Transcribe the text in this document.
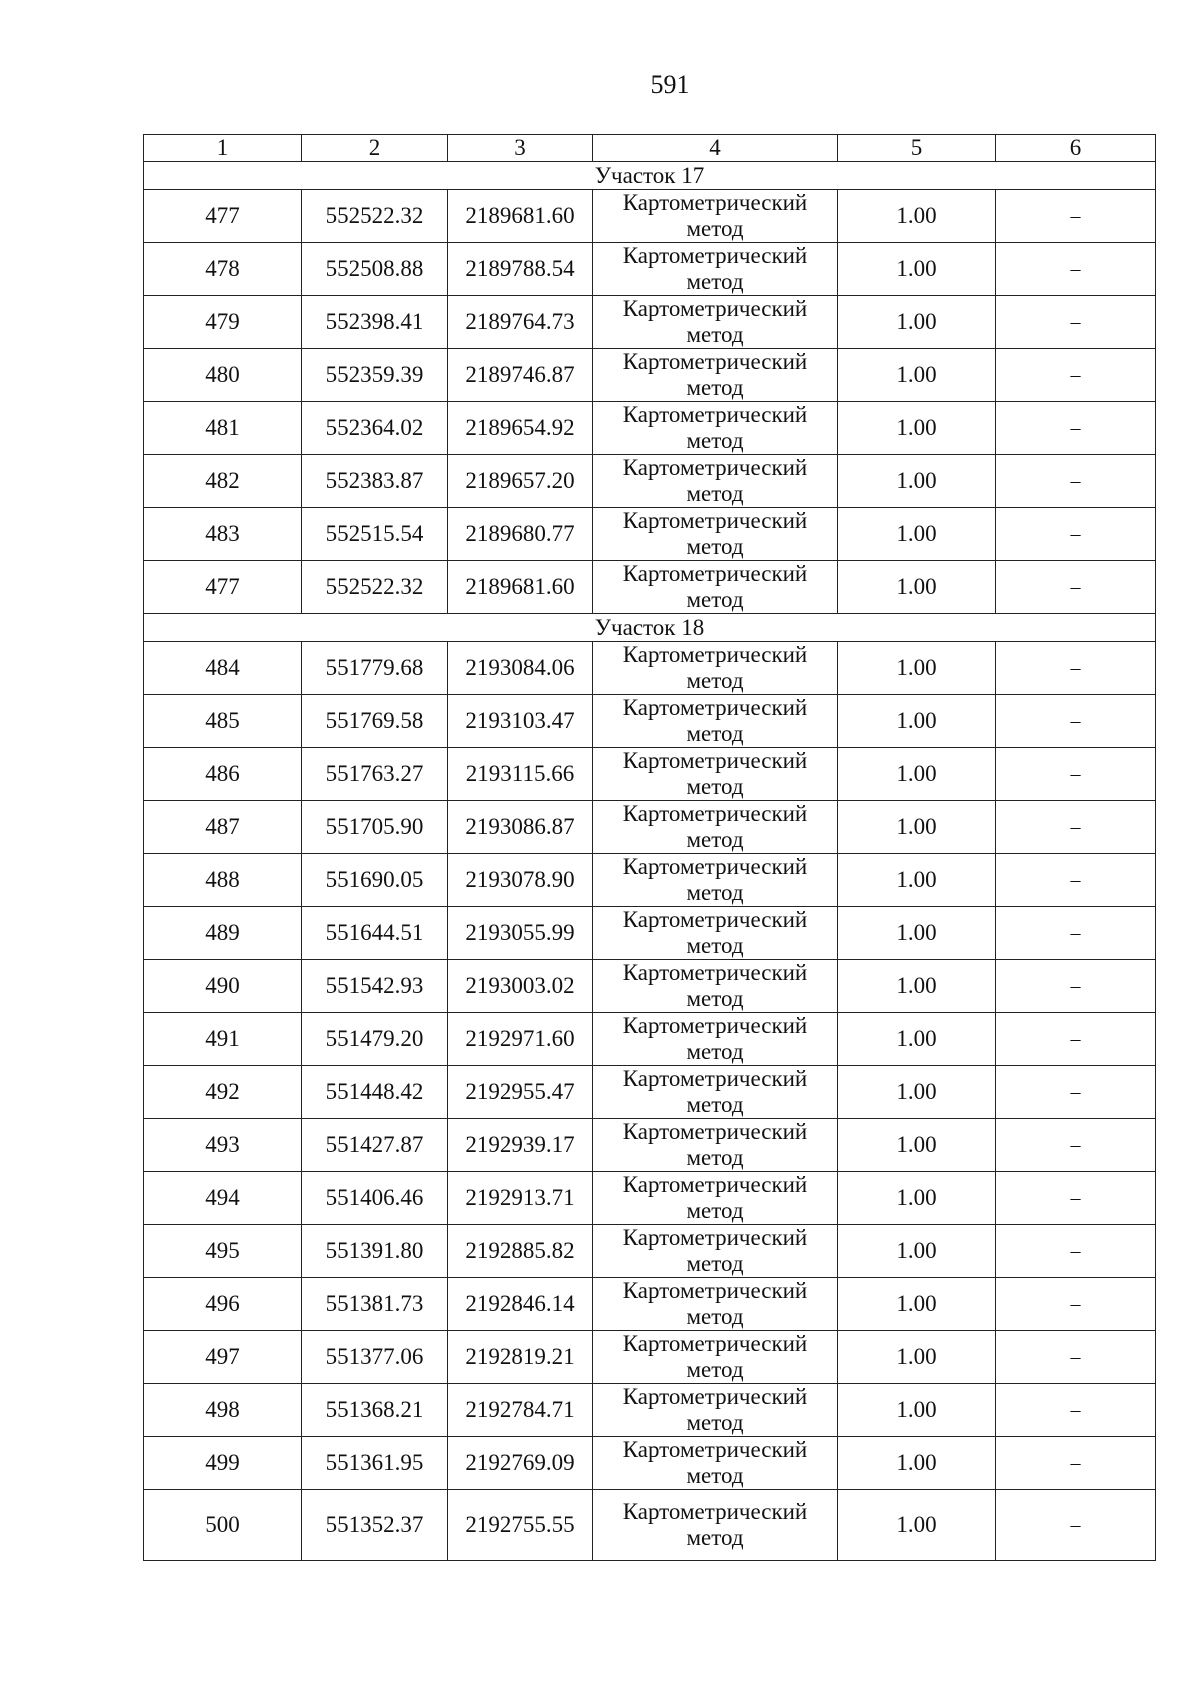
591
1	2	3	4	5	6
Участок 17					
477	552522.32	2189681.60	Картометрический метод	1.00	–
478	552508.88	2189788.54	Картометрический метод	1.00	–
479	552398.41	2189764.73	Картометрический метод	1.00	–
480	552359.39	2189746.87	Картометрический метод	1.00	–
481	552364.02	2189654.92	Картометрический метод	1.00	–
482	552383.87	2189657.20	Картометрический метод	1.00	–
483	552515.54	2189680.77	Картометрический метод	1.00	–
477	552522.32	2189681.60	Картометрический метод	1.00	–
Участок 18					
484	551779.68	2193084.06	Картометрический метод	1.00	–
485	551769.58	2193103.47	Картометрический метод	1.00	–
486	551763.27	2193115.66	Картометрический метод	1.00	–
487	551705.90	2193086.87	Картометрический метод	1.00	–
488	551690.05	2193078.90	Картометрический метод	1.00	–
489	551644.51	2193055.99	Картометрический метод	1.00	–
490	551542.93	2193003.02	Картометрический метод	1.00	–
491	551479.20	2192971.60	Картометрический метод	1.00	–
492	551448.42	2192955.47	Картометрический метод	1.00	–
493	551427.87	2192939.17	Картометрический метод	1.00	–
494	551406.46	2192913.71	Картометрический метод	1.00	–
495	551391.80	2192885.82	Картометрический метод	1.00	–
496	551381.73	2192846.14	Картометрический метод	1.00	–
497	551377.06	2192819.21	Картометрический метод	1.00	–
498	551368.21	2192784.71	Картометрический метод	1.00	–
499	551361.95	2192769.09	Картометрический метод	1.00	–
500	551352.37	2192755.55	Картометрический метод	1.00	–
